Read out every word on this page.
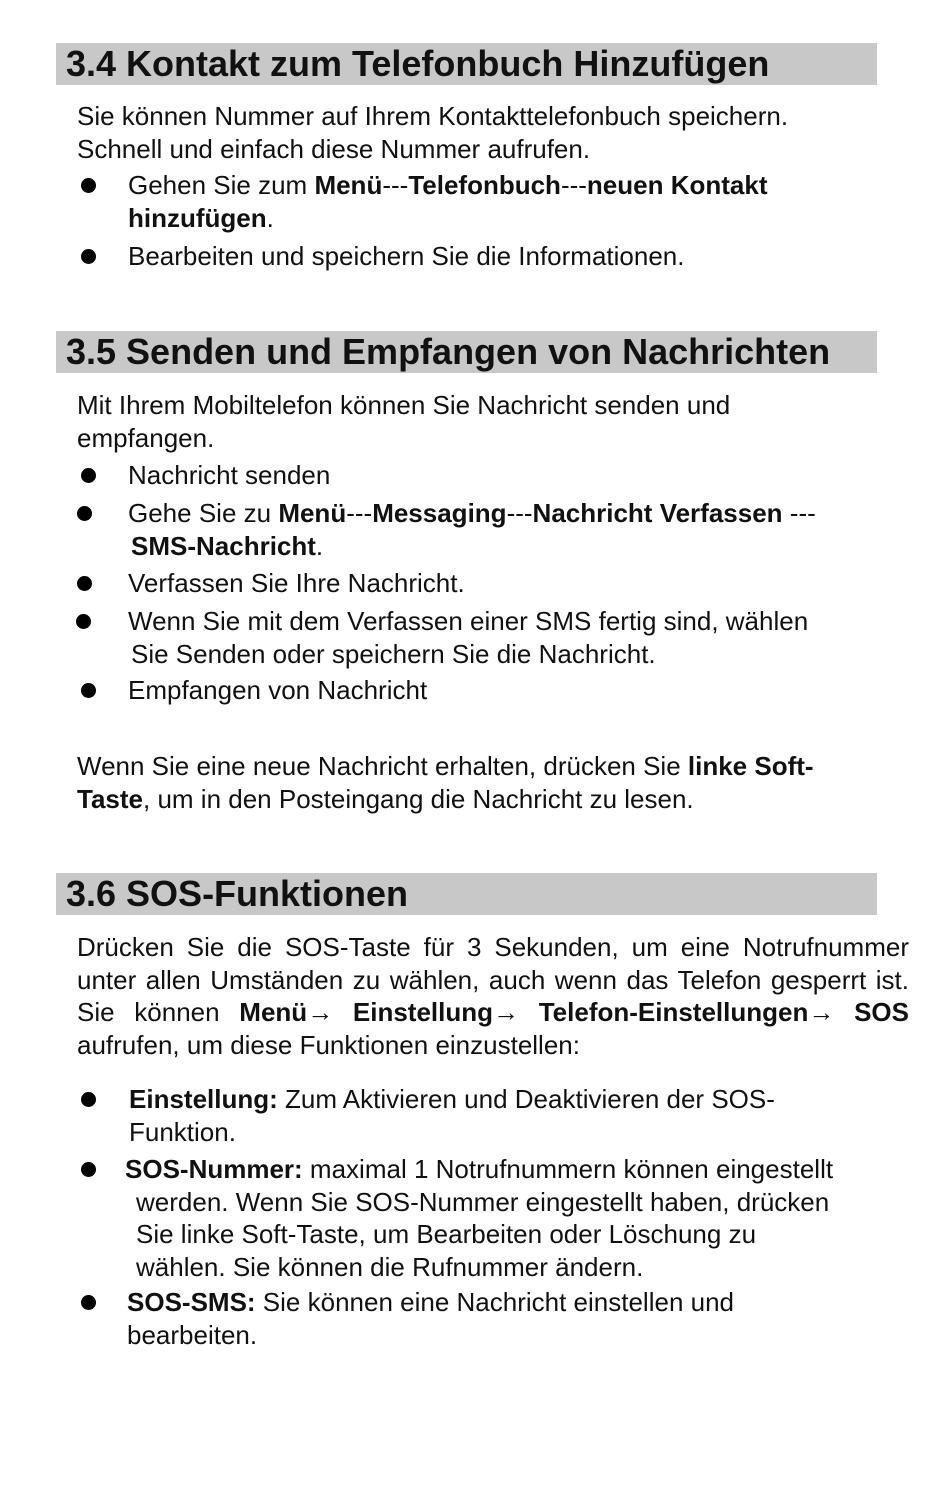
3.4 Kontakt zum Telefonbuch Hinzufügen
Sie können Nummer auf Ihrem Kontakttelefonbuch speichern.
Schnell und einfach diese Nummer aufrufen.
Gehen Sie zum Menü---Telefonbuch---neuen Kontakt hinzufügen.
Bearbeiten und speichern Sie die Informationen.
3.5 Senden und Empfangen von Nachrichten
Mit Ihrem Mobiltelefon können Sie Nachricht senden und
empfangen.
Nachricht senden
Gehe Sie zu Menü---Messaging---Nachricht Verfassen ---
SMS-Nachricht.
Verfassen Sie Ihre Nachricht.
Wenn Sie mit dem Verfassen einer SMS fertig sind, wählen
Sie Senden oder speichern Sie die Nachricht.
Empfangen von Nachricht
Wenn Sie eine neue Nachricht erhalten, drücken Sie linke Soft-
Taste, um in den Posteingang die Nachricht zu lesen.
3.6 SOS-Funktionen
Drücken Sie die SOS-Taste für 3 Sekunden, um eine Notrufnummer unter allen Umständen zu wählen, auch wenn das Telefon gesperrt ist. Sie können Menü→ Einstellung→ Telefon-Einstellungen→ SOS aufrufen, um diese Funktionen einzustellen:
Einstellung: Zum Aktivieren und Deaktivieren der SOS-
Funktion.
SOS-Nummer: maximal 1 Notrufnummern können eingestellt
werden. Wenn Sie SOS-Nummer eingestellt haben, drücken
Sie linke Soft-Taste, um Bearbeiten oder Löschung zu
wählen. Sie können die Rufnummer ändern.
SOS-SMS: Sie können eine Nachricht einstellen und
bearbeiten.
